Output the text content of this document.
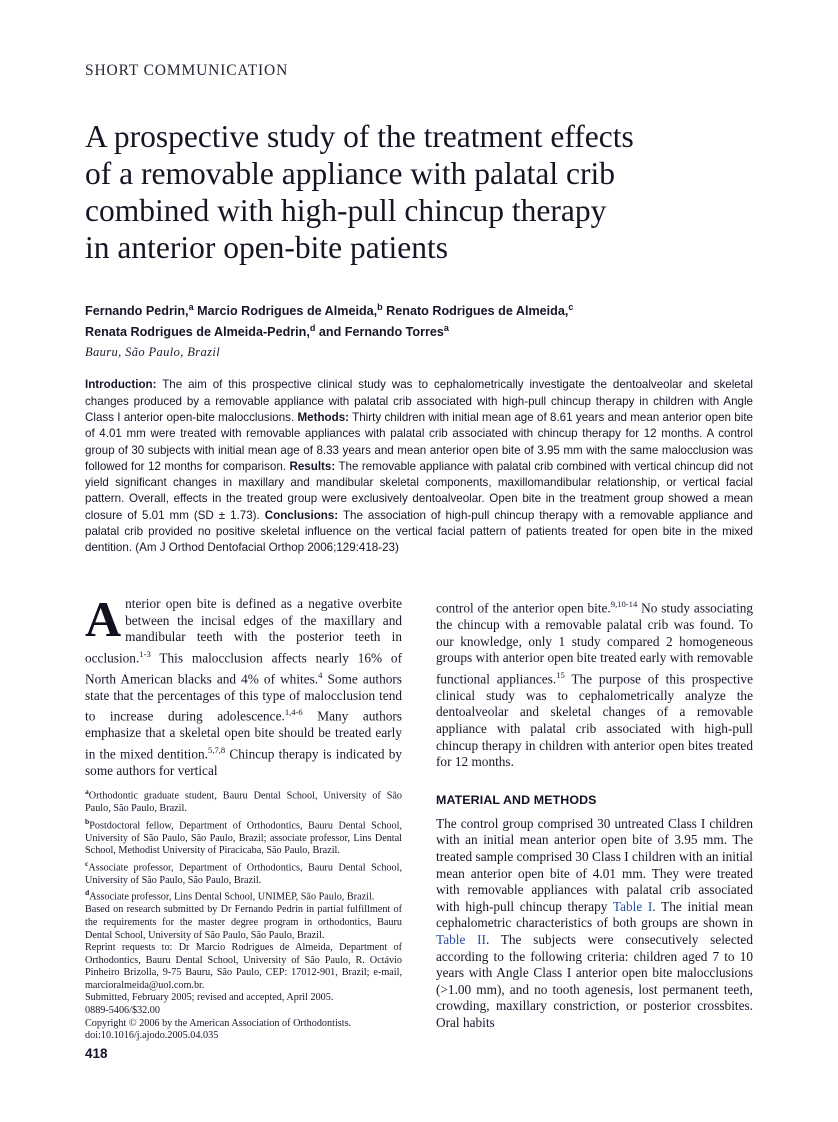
SHORT COMMUNICATION
A prospective study of the treatment effects
of a removable appliance with palatal crib
combined with high-pull chincup therapy
in anterior open-bite patients
Fernando Pedrin,$^a$ Marcio Rodrigues de Almeida,$^b$ Renato Rodrigues de Almeida,$^c$
Renata Rodrigues de Almeida-Pedrin,$^d$ and Fernando Torres$^a$
Bauru, São Paulo, Brazil
Introduction: The aim of this prospective clinical study was to cephalometrically investigate the dentoalveolar and skeletal changes produced by a removable appliance with palatal crib associated with high-pull chincup therapy in children with Angle Class I anterior open-bite malocclusions. Methods: Thirty children with initial mean age of 8.61 years and mean anterior open bite of 4.01 mm were treated with removable appliances with palatal crib associated with chincup therapy for 12 months. A control group of 30 subjects with initial mean age of 8.33 years and mean anterior open bite of 3.95 mm with the same malocclusion was followed for 12 months for comparison. Results: The removable appliance with palatal crib combined with vertical chincup did not yield significant changes in maxillary and mandibular skeletal components, maxillomandibular relationship, or vertical facial pattern. Overall, effects in the treated group were exclusively dentoalveolar. Open bite in the treatment group showed a mean closure of 5.01 mm (SD ± 1.73). Conclusions: The association of high-pull chincup therapy with a removable appliance and palatal crib provided no positive skeletal influence on the vertical facial pattern of patients treated for open bite in the mixed dentition. (Am J Orthod Dentofacial Orthop 2006;129:418-23)
Anterior open bite is defined as a negative overbite between the incisal edges of the maxillary and mandibular teeth with the posterior teeth in occlusion.$^{1-3}$ This malocclusion affects nearly 16% of North American blacks and 4% of whites.$^4$ Some authors state that the percentages of this type of malocclusion tend to increase during adolescence.$^{1,4-6}$ Many authors emphasize that a skeletal open bite should be treated early in the mixed dentition.$^{5,7,8}$ Chincup therapy is indicated by some authors for vertical
control of the anterior open bite.$^{9,10-14}$ No study associating the chincup with a removable palatal crib was found. To our knowledge, only 1 study compared 2 homogeneous groups with anterior open bite treated early with removable functional appliances.$^{15}$ The purpose of this prospective clinical study was to cephalometrically analyze the dentoalveolar and skeletal changes of a removable appliance with palatal crib associated with high-pull chincup therapy in children with anterior open bites treated for 12 months.
MATERIAL AND METHODS
The control group comprised 30 untreated Class I children with an initial mean anterior open bite of 3.95 mm. The treated sample comprised 30 Class I children with an initial mean anterior open bite of 4.01 mm. They were treated with removable appliances with palatal crib associated with high-pull chincup therapy Table I. The initial mean cephalometric characteristics of both groups are shown in Table II. The subjects were consecutively selected according to the following criteria: children aged 7 to 10 years with Angle Class I anterior open bite malocclusions (>1.00 mm), and no tooth agenesis, lost permanent teeth, crowding, maxillary constriction, or posterior crossbites. Oral habits

$^a$Orthodontic graduate student, Bauru Dental School, University of São Paulo, São Paulo, Brazil.

$^b$Postdoctoral fellow, Department of Orthodontics, Bauru Dental School, University of São Paulo, São Paulo, Brazil; associate professor, Lins Dental School, Methodist University of Piracicaba, São Paulo, Brazil.

$^c$Associate professor, Department of Orthodontics, Bauru Dental School, University of São Paulo, São Paulo, Brazil.

$^d$Associate professor, Lins Dental School, UNIMEP, São Paulo, Brazil.

Based on research submitted by Dr Fernando Pedrin in partial fulfillment of the requirements for the master degree program in orthodontics, Bauru Dental School, University of São Paulo, São Paulo, Brazil.

Reprint requests to: Dr Marcio Rodrigues de Almeida, Department of Orthodontics, Bauru Dental School, University of São Paulo, R. Octávio Pinheiro Brizolla, 9-75 Bauru, São Paulo, CEP: 17012-901, Brazil; e-mail, marcioralmeida@uol.com.br.

Submitted, February 2005; revised and accepted, April 2005.

0889-5406/$32.00

Copyright © 2006 by the American Association of Orthodontists.

doi:10.1016/j.ajodo.2005.04.035

418
